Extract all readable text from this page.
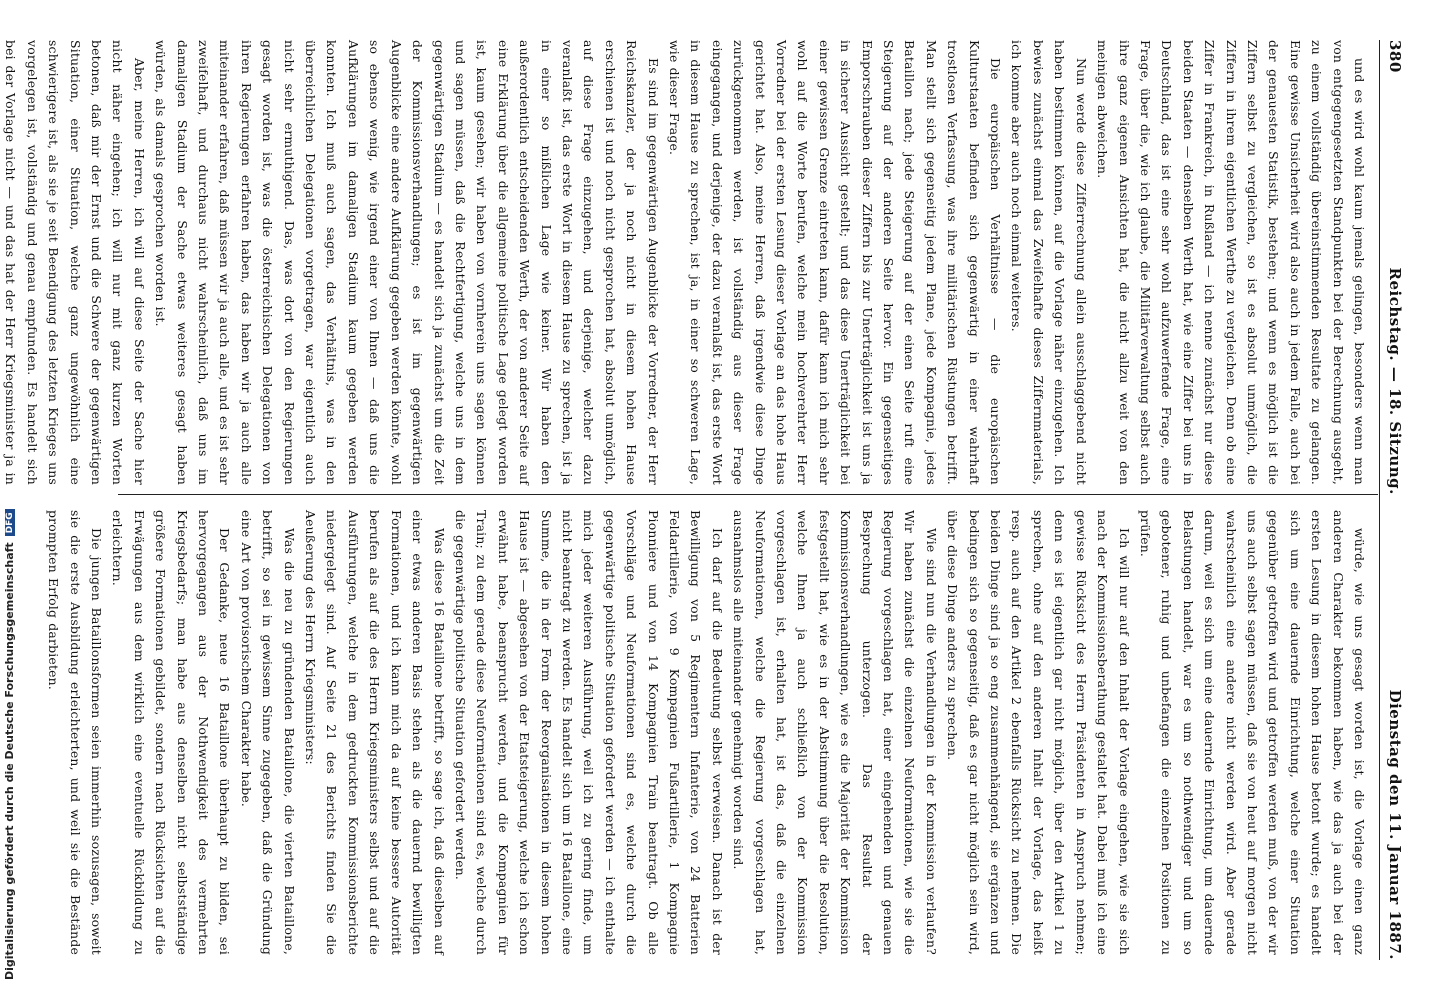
Digitalisierung gefördert durch die Deutsche ForschungsgemeinschaftDFG
380
Reichstag. — 18. Sitzung.
Dienstag den 11. Januar 1887.

und es wird wohl kaum jemals gelingen, besonders wenn man von entgegengesetzten Standpunkten bei der Berechnung ausgeht, zu einem vollständig übereinstimmenden Resultate zu gelangen. Eine gewisse Unsicherheit wird also auch in jedem Falle, auch bei der genauesten Statistik, bestehen; und wenn es möglich ist die Ziffern selbst zu vergleichen, so ist es absolut unmöglich, die Ziffern in ihrem eigentlichen Werthe zu vergleichen. Denn ob eine Ziffer in Frankreich, in Rußland — ich nenne zunächst nur diese beiden Staaten — denselben Werth hat, wie eine Ziffer bei uns in Deutschland, das ist eine sehr wohl aufzuwerfende Frage, eine Frage, über die, wie ich glaube, die Militärverwaltung selbst auch ihre ganz eigenen Ansichten hat, die nicht allzu weit von den meinigen abweichen.

Nun werde diese Zifferrechnung allein ausschlaggebend nicht haben bestimmen können, auf die Vorlage näher einzugehen. Ich bewies zunächst einmal das Zweifelhafte dieses Ziffernmaterials, ich komme aber auch noch einmal weiteres.

Die europäischen Verhältnisse — die europäischen Kulturstaaten befinden sich gegenwärtig in einer wahrhaft trostlosen Verfassung, was ihre militärischen Rüstungen betrifft. Man stellt sich gegenseitig jedem Plane, jede Kompagnie, jedes Bataillon nach; jede Steigerung auf der einen Seite ruft eine Steigerung auf der anderen Seite hervor. Ein gegenseitiges Emporschrauben dieser Ziffern bis zur Unerträglichkeit ist uns ja in sicherer Aussicht gestellt; und das diese Unerträglichkeit bei einer gewissen Grenze eintreten kann, dafür kann ich mich sehr wohl auf die Worte berufen, welche mein hochverehrter Herr Vorredner bei der ersten Lesung dieser Vorlage an das hohe Haus gerichtet hat. Also, meine Herren, daß irgendwie diese Dinge zurückgenommen werden, ist vollständig aus dieser Frage eingegangen, und derjenige, der dazu veranlaßt ist, das erste Wort in diesem Hause zu sprechen, ist ja, in einer so schweren Lage, wie dieser Frage.

Es sind im gegenwärtigen Augenblicke der Vorredner, der Herr Reichskanzler, der ja noch nicht in diesem hohen Hause erschienen ist und noch nicht gesprochen hat, absolut unmöglich, auf diese Frage einzugehen, und derjenige, welcher dazu veranlaßt ist, das erste Wort in diesem Hause zu sprechen, ist ja in einer so mißlichen Lage wie keiner. Wir haben den außerordentlich entscheidenden Werth, der von anderer Seite auf eine Erklärung über die allgemeine politische Lage gelegt worden ist, kaum gesehen; wir haben von vornherein uns sagen können und sagen müssen, daß die Rechtfertigung, welche uns in dem gegenwärtigen Stadium — es handelt sich ja zunächst um die Zeit der Kommissionsverhandlungen; es ist im gegenwärtigen Augenblicke eine andere Aufklärung gegeben werden könnte, wohl so ebenso wenig, wie irgend einer von Ihnen — daß uns die Aufklärungen im damaligen Stadium kaum gegeben werden konnten. Ich muß auch sagen, das Verhältnis, was in den überreichlichen Delegationen vorgetragen, war eigentlich auch nicht sehr ermuthigend. Das, was dort von den Regierungen gesagt worden ist, was die österreichischen Delegationen von ihren Regierungen erfahren haben, das haben wir ja auch alle miteinander erfahren, daß müssen wir ja auch alle, und es ist sehr zweifelhaft, und durchaus nicht wahrscheinlich, daß uns im damaligen Stadium der Sache etwas weiteres gesagt haben würden, als damals gesprochen worden ist.

Aber, meine Herren, ich will auf diese Seite der Sache hier nicht näher eingehen; ich will nur mit ganz kurzen Worten betonen, daß mir der Ernst und die Schwere der gegenwärtigen Situation, einer Situation, welche ganz ungewöhnlich eine schwierigere ist, als sie je seit Beendigung des letzten Krieges uns vorgelegen ist, vollständig und genau empfunden. Es handelt sich bei der Vorlage nicht — und das hat der Herr Kriegsminister ja in

würde, wie uns gesagt worden ist, die Vorlage einen ganz anderen Charakter bekommen haben, wie das ja auch bei der ersten Lesung in diesem hohen Hause betont wurde; es handelt sich um eine dauernde Einrichtung, welche einer Situation gegenüber getroffen wird und getroffen werden muß, von der wir uns auch selbst sagen müssen, daß sie von heut auf morgen nicht wahrscheinlich eine andere nicht werden wird. Aber gerade darum, weil es sich um eine dauernde Einrichtung, um dauernde Belastungen handelt, war es um so nothwendiger und um so gebotener, ruhig und unbefangen die einzelnen Positionen zu prüfen.

Ich will nur auf den Inhalt der Vorlage eingehen, wie sie sich nach der Kommissionsberathung gestaltet hat. Dabei muß ich eine gewisse Rücksicht des Herrn Präsidenten in Anspruch nehmen; denn es ist eigentlich gar nicht möglich, über den Artikel 1 zu sprechen, ohne auf den anderen Inhalt der Vorlage, das heißt resp. auch auf den Artikel 2 ebenfalls Rücksicht zu nehmen. Die beiden Dinge sind ja so eng zusammenhängend, sie ergänzen und bedingen sich so gegenseitig, daß es gar nicht möglich sein wird, über diese Dinge anders zu sprechen.

Wie sind nun die Verhandlungen in der Kommission verlaufen? Wir haben zunächst die einzelnen Neuformationen, wie sie die Regierung vorgeschlagen hat, einer eingehenden und genauen Besprechung unterzogen. Das Resultat der Kommissionsverhandlungen, wie es die Majorität der Kommission festgestellt hat, wie es in der Abstimmung über die Resolution, welche Ihnen ja auch schließlich von der Kommission vorgeschlagen ist, erhalten hat, ist das, daß die einzelnen Neuformationen, welche die Regierung vorgeschlagen hat, ausnahmslos alle miteinander genehmigt worden sind.

Ich darf auf die Bedeutung selbst verweisen. Danach ist der Bewilligung von 5 Regimentern Infanterie, von 24 Batterien Feldartillerie, von 9 Kompagnien Fußartillerie, 1 Kompagnie Pionniere und von 14 Kompagnien Train beantragt. Ob alle Vorschläge und Neuformationen sind es, welche durch die gegenwärtige politische Situation gefordert werden — ich enthalte mich jeder weiteren Ausführung, weil ich zu gering finde, um nicht beantragt zu werden. Es handelt sich um 16 Bataillone, eine Summe, die in der Form der Reorganisationen in diesem hohen Hause ist — abgesehen von der Etatsteigerung, welche ich schon erwähnt habe, beansprucht werden, und die Kompagnien für Train; zu dem gerade diese Neuformationen sind es, welche durch die gegenwärtige politische Situation gefordert werden.

Was diese 16 Bataillone betrifft, so sage ich, daß dieselben auf einer etwas anderen Basis stehen als die dauernd bewilligten Formationen, und ich kann mich da auf keine bessere Autorität berufen als auf die des Herrn Kriegsministers selbst und auf die Ausführungen, welche in dem gedruckten Kommissionsberichte niedergelegt sind. Auf Seite 21 des Berichts finden Sie die Aeußerung des Herrn Kriegsministers:

Was die neu zu gründenden Bataillone, die vierten Bataillone, betrifft, so sei in gewissem Sinne zugegeben, daß die Gründung eine Art von provisorischem Charakter habe.

Der Gedanke, neue 16 Bataillone überhaupt zu bilden, sei hervorgegangen aus der Nothwendigkeit des vermehrten Kriegsbedarfs; man habe aus denselben nicht selbstständige größere Formationen gebildet, sondern nach Rücksichten auf die Erwägungen aus dem wirklich eine eventuelle Rückbildung zu erleichtern.

Die jungen Bataillonsformen seien immerhin sozusagen, soweit sie die erste Ausbildung erleichterten, und weil sie die Bestände prompten Erfolg darbieten.
